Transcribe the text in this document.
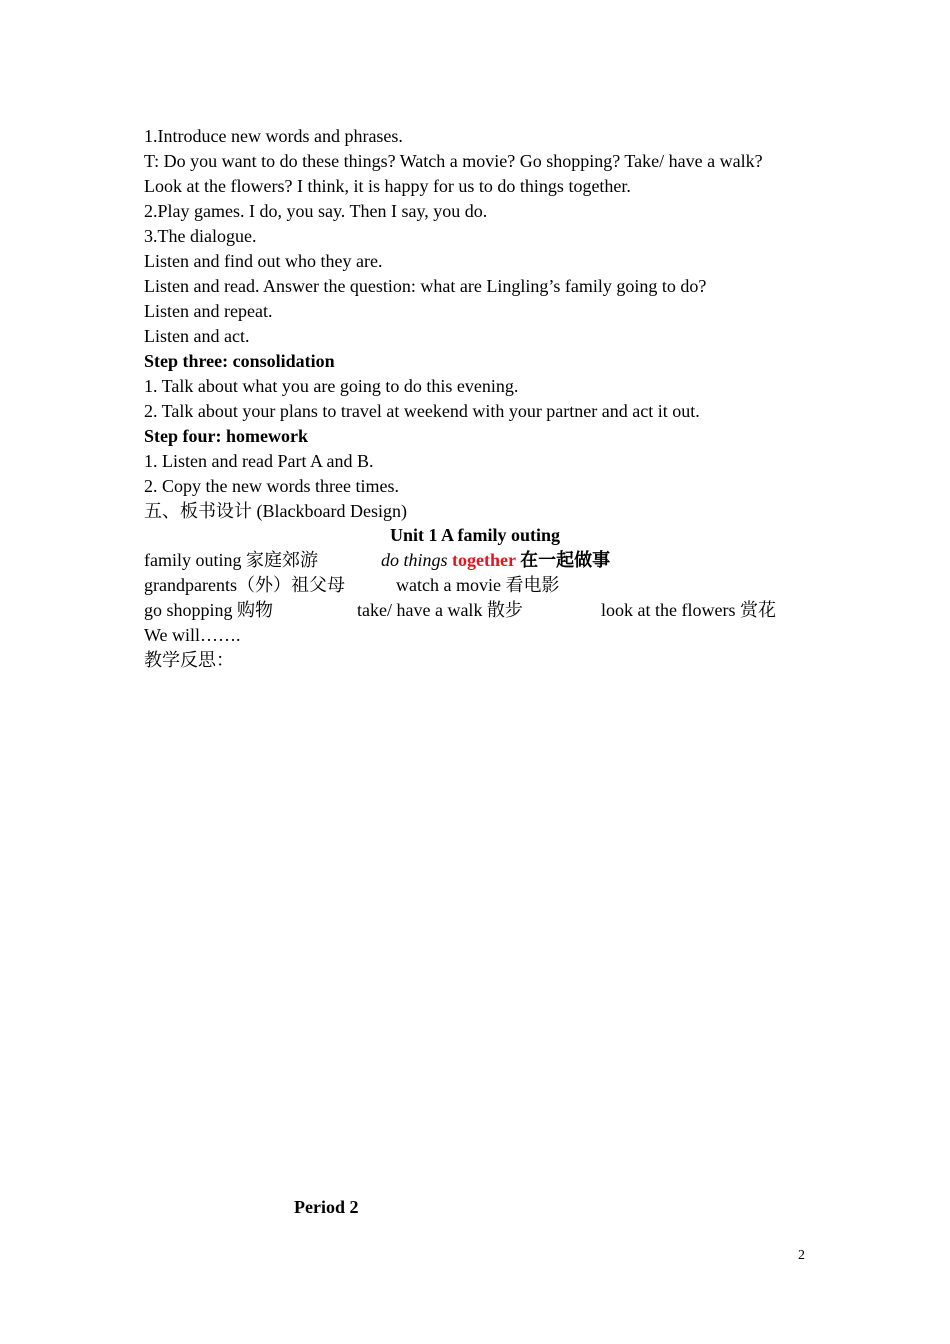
1.Introduce new words and phrases.
T: Do you want to do these things? Watch a movie? Go shopping? Take/ have a walk?
Look at the flowers? I think, it is happy for us to do things together.
2.Play games. I do, you say. Then I say, you do.
3.The dialogue.
Listen and find out who they are.
Listen and read. Answer the question: what are Lingling’s family going to do?
Listen and repeat.
Listen and act.
Step three: consolidation
1. Talk about what you are going to do this evening.
2. Talk about your plans to travel at weekend with your partner and act it out.
Step four: homework
1. Listen and read Part A and B.
2. Copy the new words three times.
五、板书设计 (Blackboard Design)
Unit 1 A family outing
family outing 家庭郊游	do things together 在一起做事
grandparents（外）祖父母	watch a movie 看电影
go shopping 购物	take/ have a walk 散步	look at the flowers 赏花
We will…….
教学反思：
Period 2
2
